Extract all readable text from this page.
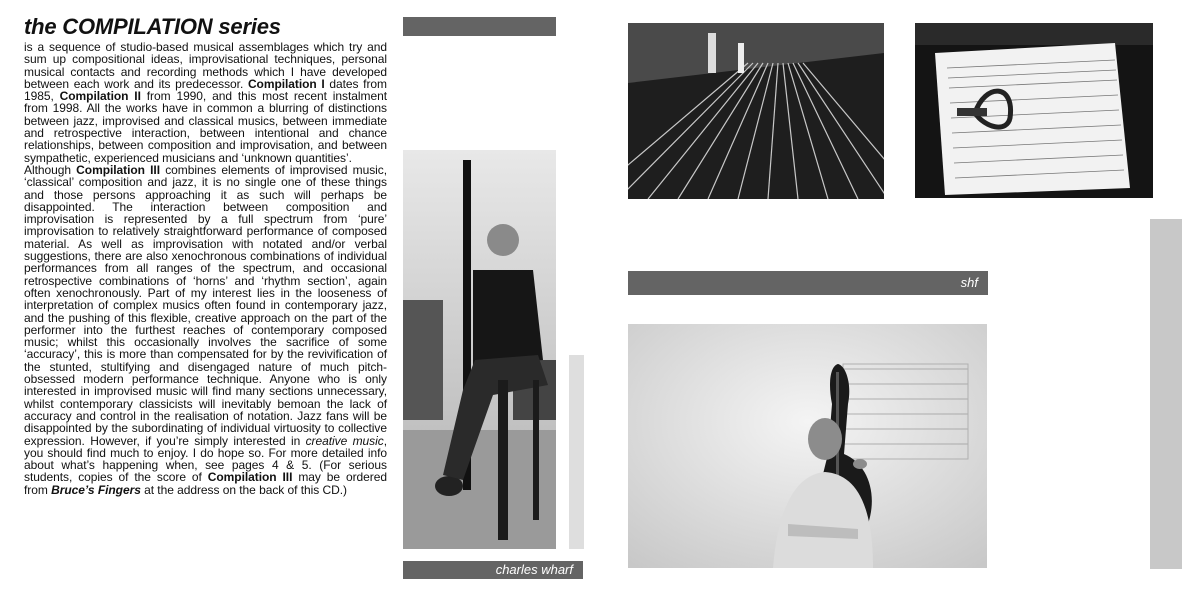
the COMPILATION series

is a sequence of studio-based musical assemblages which try and sum up compositional ideas, improvisational techniques, personal musical contacts and recording methods which I have developed between each work and its predecessor. Compilation I dates from 1985, Compilation II from 1990, and this most recent instalment from 1998. All the works have in common a blurring of distinctions between jazz, improvised and classical musics, between immediate and retrospective interaction, between intentional and chance relationships, between composition and improvisation, and between sympathetic, experienced musicians and ‘unknown quantities’.

Although Compilation III combines elements of improvised music, ‘classical’ composition and jazz, it is no single one of these things and those persons approaching it as such will perhaps be disappointed. The interaction between composition and improvisation is represented by a full spectrum from ‘pure’ improvisation to relatively straightforward performance of composed material. As well as improvisation with notated and/or verbal suggestions, there are also xenochronous combinations of individual performances from all ranges of the spectrum, and occasional retrospective combinations of ‘horns’ and ‘rhythm section’, again often xenochronously. Part of my interest lies in the looseness of interpretation of complex musics often found in contemporary jazz, and the pushing of this flexible, creative approach on the part of the performer into the furthest reaches of contemporary composed music; whilst this occasionally involves the sacrifice of some ‘accuracy’, this is more than compensated for by the revivification of the stunted, stultifying and disengaged nature of much pitch-obsessed modern performance technique. Anyone who is only interested in improvised music will find many sections unnecessary, whilst contemporary classicists will inevitably bemoan the lack of accuracy and control in the realisation of notation. Jazz fans will be disappointed by the subordinating of individual virtuosity to collective expression. However, if you’re simply interested in creative music, you should find much to enjoy. I do hope so. For more detailed info about what’s happening when, see pages 4 & 5. (For serious students, copies of the score of Compilation III may be ordered from Bruce’s Fingers at the address on the back of this CD.)

charles wharf
shf
